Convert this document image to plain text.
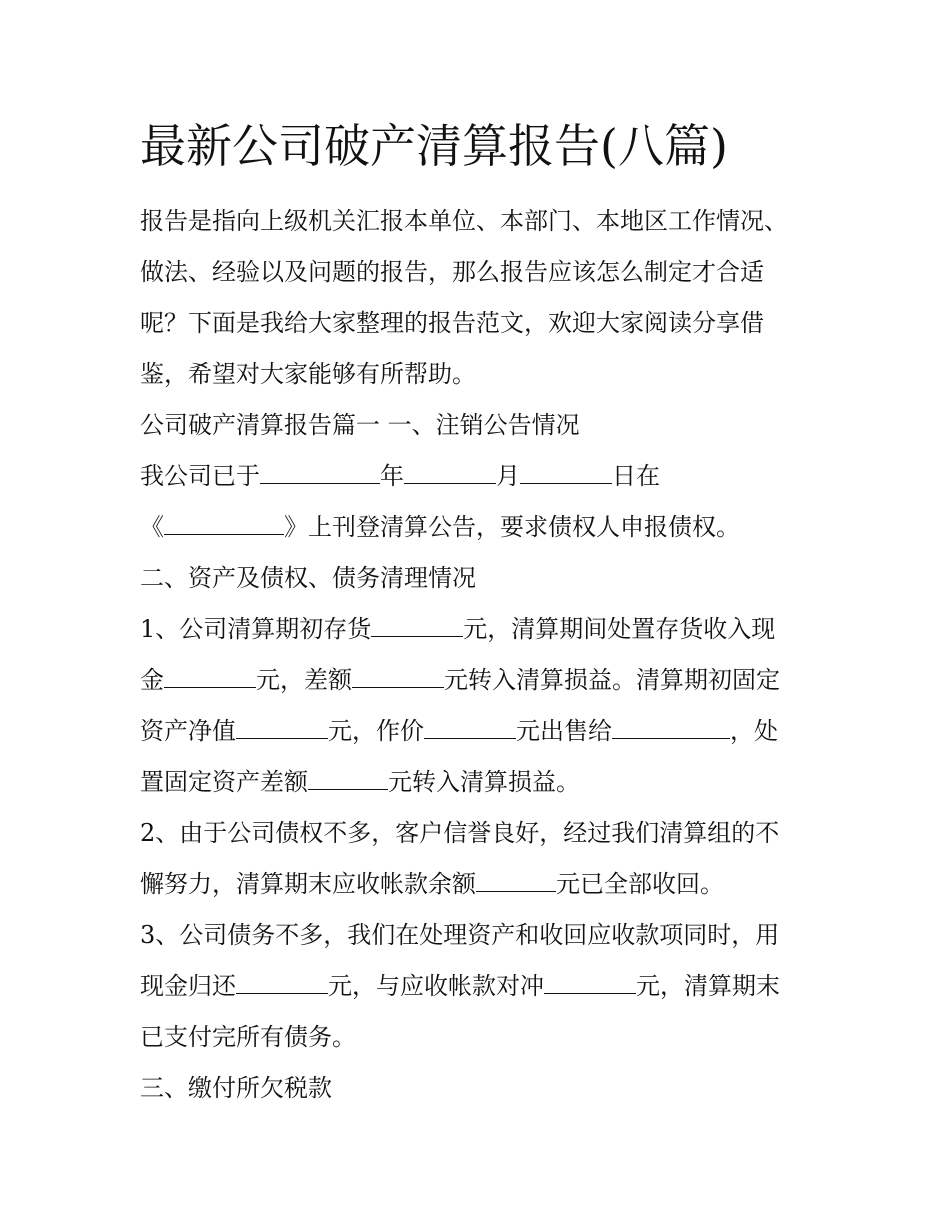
最新公司破产清算报告(八篇)
报告是指向上级机关汇报本单位、本部门、本地区工作情况、
做法、经验以及问题的报告，那么报告应该怎么制定才合适
呢？下面是我给大家整理的报告范文，欢迎大家阅读分享借
鉴，希望对大家能够有所帮助。
公司破产清算报告篇一 一、注销公告情况
我公司已于	年	月	日在
《	》上刊登清算公告，要求债权人申报债权。
二、资产及债权、债务清理情况
1、公司清算期初存货	元，清算期间处置存货收入现
金	元，差额	元转入清算损益。清算期初固定
资产净值	元，作价	元出售给	，处
置固定资产差额	元转入清算损益。
2、由于公司债权不多，客户信誉良好，经过我们清算组的不
懈努力，清算期末应收帐款余额	元已全部收回。
3、公司债务不多，我们在处理资产和收回应收款项同时，用
现金归还	元，与应收帐款对冲	元，清算期末
已支付完所有债务。
三、缴付所欠税款
